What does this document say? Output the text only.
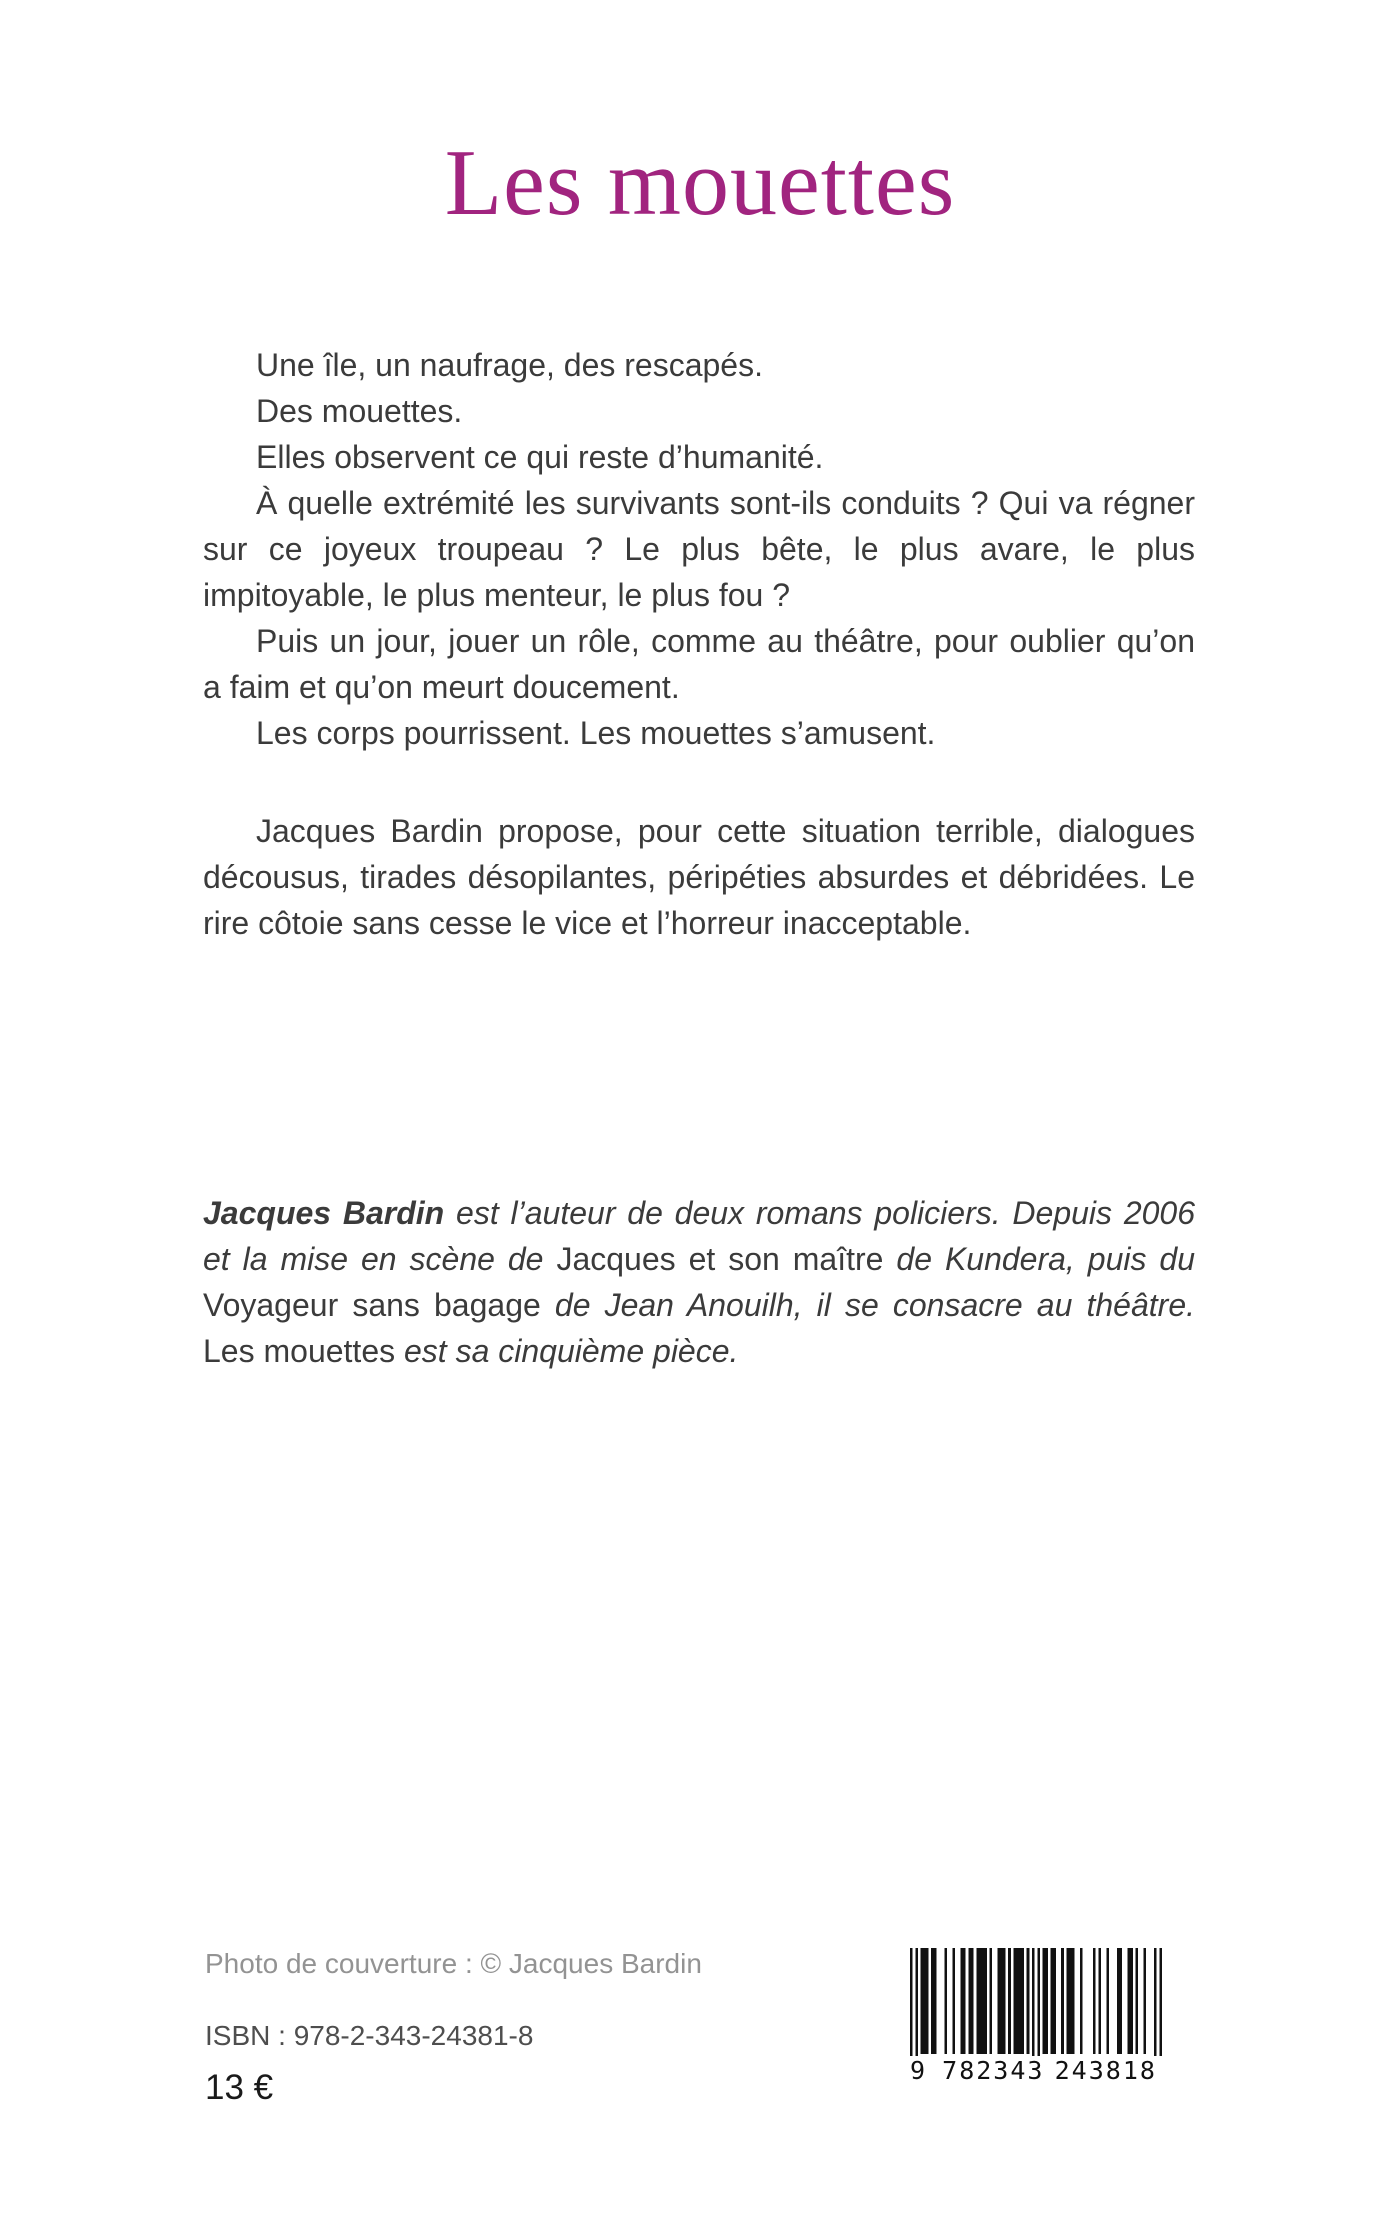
Les mouettes

Une île, un naufrage, des rescapés.

Des mouettes.

Elles observent ce qui reste d’humanité.

À quelle extrémité les survivants sont-ils conduits ? Qui va régner sur ce joyeux troupeau ? Le plus bête, le plus avare, le plus impitoyable, le plus menteur, le plus fou ?

Puis un jour, jouer un rôle, comme au théâtre, pour oublier qu’on a faim et qu’on meurt doucement.

Les corps pourrissent. Les mouettes s’amusent.

Jacques Bardin propose, pour cette situation terrible, dialogues décousus, tirades désopilantes, péripéties absurdes et débridées. Le rire côtoie sans cesse le vice et l’horreur inacceptable.

Jacques Bardin est l’auteur de deux romans policiers. Depuis 2006 et la mise en scène de Jacques et son maître de Kundera, puis du Voyageur sans bagage de Jean Anouilh, il se consacre au théâtre. Les mouettes est sa cinquième pièce.
Photo de couverture : © Jacques Bardin
ISBN : 978-2-343-24381-8
13 €	9 782343 243818
